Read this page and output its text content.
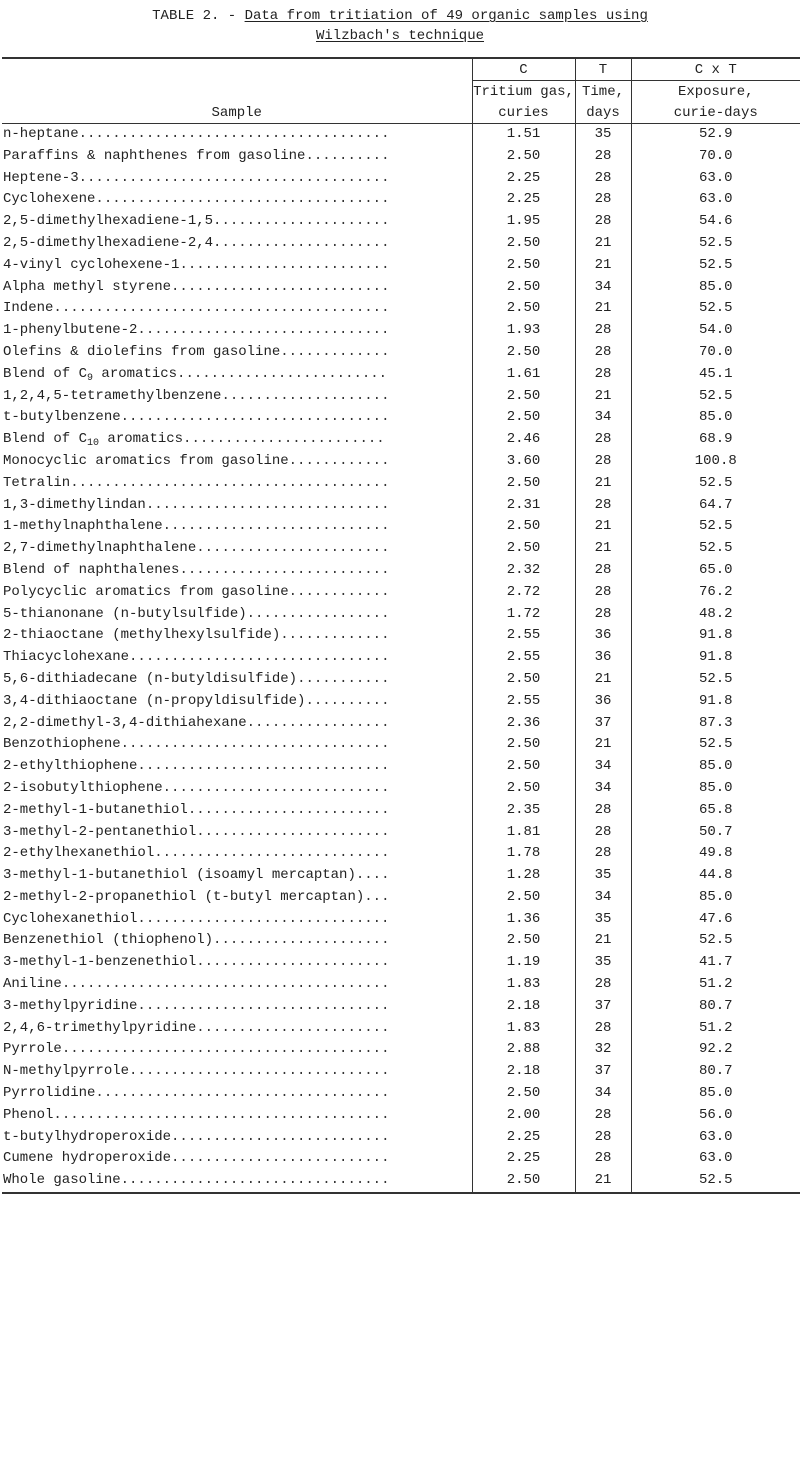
TABLE 2. - Data from tritiation of 49 organic samples using
Wilzbach's technique
	C	T	C x T
	Tritium gas,	Time,	Exposure,
Sample	curies	days	curie-days
n-heptane.....................................	1.51	35	52.9
Paraffins & naphthenes from gasoline..........	2.50	28	70.0
Heptene-3.....................................	2.25	28	63.0
Cyclohexene...................................	2.25	28	63.0
2,5-dimethylhexadiene-1,5.....................	1.95	28	54.6
2,5-dimethylhexadiene-2,4.....................	2.50	21	52.5
4-vinyl cyclohexene-1.........................	2.50	21	52.5
Alpha methyl styrene..........................	2.50	34	85.0
Indene........................................	2.50	21	52.5
1-phenylbutene-2..............................	1.93	28	54.0
Olefins & diolefins from gasoline.............	2.50	28	70.0
Blend of $C_9$ aromatics.........................	1.61	28	45.1
1,2,4,5-tetramethylbenzene....................	2.50	21	52.5
t-butylbenzene................................	2.50	34	85.0
Blend of $C_{10}$ aromatics........................	2.46	28	68.9
Monocyclic aromatics from gasoline............	3.60	28	100.8
Tetralin......................................	2.50	21	52.5
1,3-dimethylindan.............................	2.31	28	64.7
1-methylnaphthalene...........................	2.50	21	52.5
2,7-dimethylnaphthalene.......................	2.50	21	52.5
Blend of naphthalenes.........................	2.32	28	65.0
Polycyclic aromatics from gasoline............	2.72	28	76.2
5-thianonane (n-butylsulfide).................	1.72	28	48.2
2-thiaoctane (methylhexylsulfide).............	2.55	36	91.8
Thiacyclohexane...............................	2.55	36	91.8
5,6-dithiadecane (n-butyldisulfide)...........	2.50	21	52.5
3,4-dithiaoctane (n-propyldisulfide)..........	2.55	36	91.8
2,2-dimethyl-3,4-dithiahexane.................	2.36	37	87.3
Benzothiophene................................	2.50	21	52.5
2-ethylthiophene..............................	2.50	34	85.0
2-isobutylthiophene...........................	2.50	34	85.0
2-methyl-1-butanethiol........................	2.35	28	65.8
3-methyl-2-pentanethiol.......................	1.81	28	50.7
2-ethylhexanethiol............................	1.78	28	49.8
3-methyl-1-butanethiol (isoamyl mercaptan)....	1.28	35	44.8
2-methyl-2-propanethiol (t-butyl mercaptan)...	2.50	34	85.0
Cyclohexanethiol..............................	1.36	35	47.6
Benzenethiol (thiophenol).....................	2.50	21	52.5
3-methyl-1-benzenethiol.......................	1.19	35	41.7
Aniline.......................................	1.83	28	51.2
3-methylpyridine..............................	2.18	37	80.7
2,4,6-trimethylpyridine.......................	1.83	28	51.2
Pyrrole.......................................	2.88	32	92.2
N-methylpyrrole...............................	2.18	37	80.7
Pyrrolidine...................................	2.50	34	85.0
Phenol........................................	2.00	28	56.0
t-butylhydroperoxide..........................	2.25	28	63.0
Cumene hydroperoxide..........................	2.25	28	63.0
Whole gasoline................................	2.50	21	52.5
